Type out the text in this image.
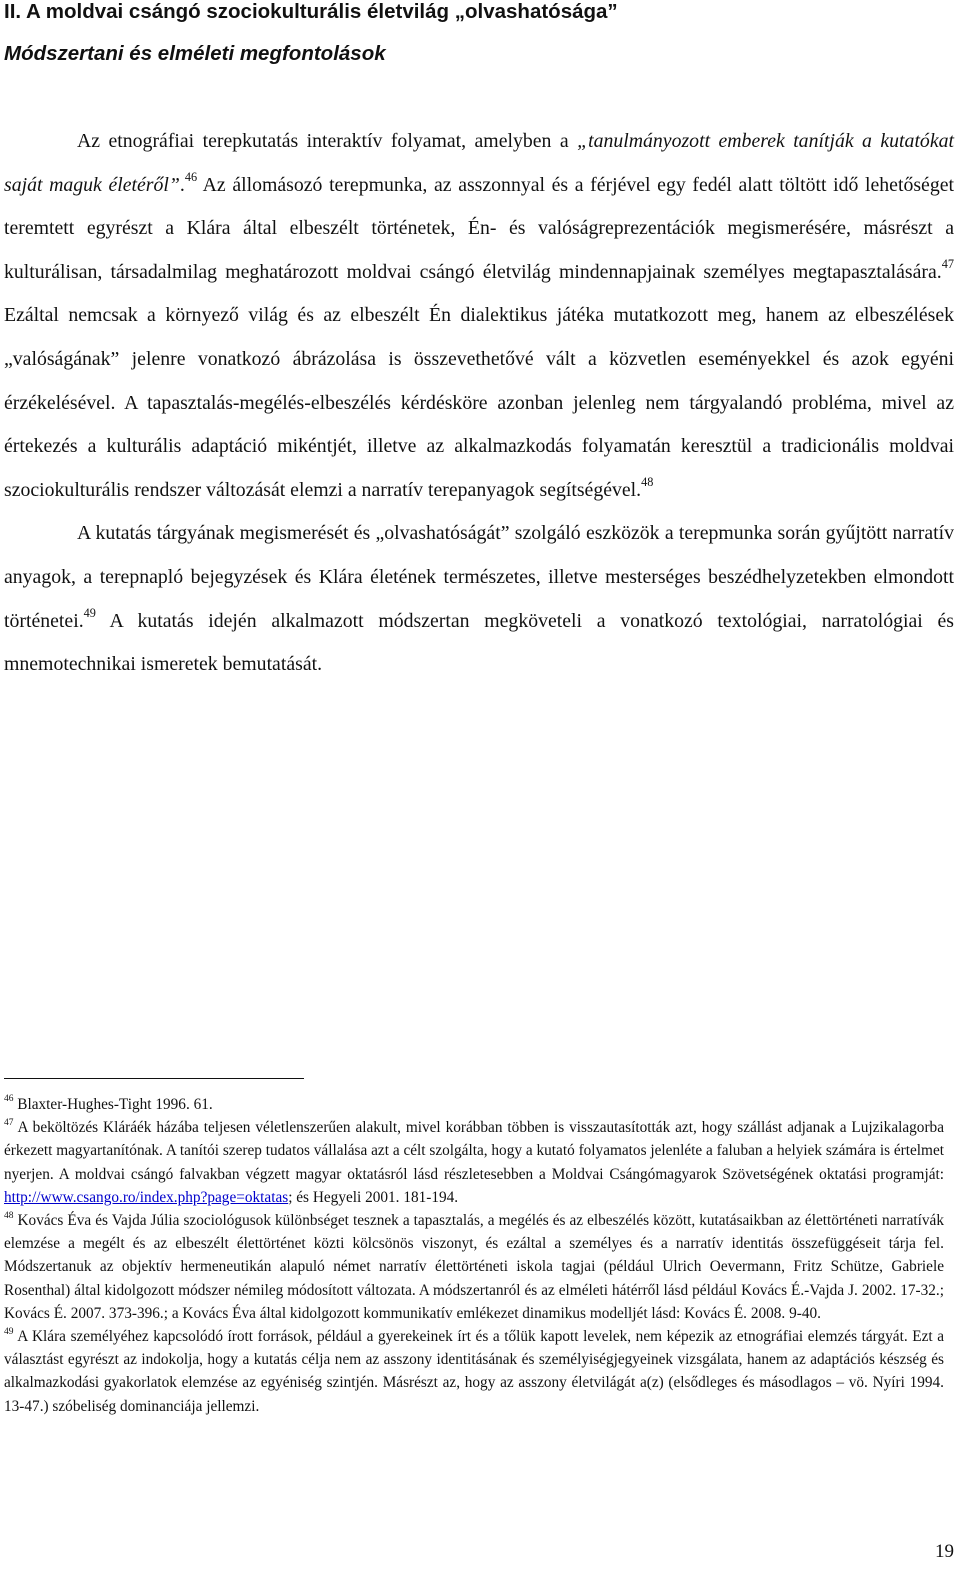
II. A moldvai csángó szociokulturális életvilág „olvashatósága”
Módszertani és elméleti megfontolások

Az etnográfiai terepkutatás interaktív folyamat, amelyben a „tanulmányozott emberek tanítják a kutatókat saját maguk életéről”.$^{46}$ Az állomásozó terepmunka, az asszonnyal és a férjével egy fedél alatt töltött idő lehetőséget teremtett egyrészt a Klára által elbeszélt történetek, Én- és valóságreprezentációk megismerésére, másrészt a kulturálisan, társadalmilag meghatározott moldvai csángó életvilág mindennapjainak személyes megtapasztalására.$^{47}$ Ezáltal nemcsak a környező világ és az elbeszélt Én dialektikus játéka mutatkozott meg, hanem az elbeszélések „valóságának” jelenre vonatkozó ábrázolása is összevethetővé vált a közvetlen eseményekkel és azok egyéni érzékelésével. A tapasztalás-megélés-elbeszélés kérdésköre azonban jelenleg nem tárgyalandó probléma, mivel az értekezés a kulturális adaptáció mikéntjét, illetve az alkalmazkodás folyamatán keresztül a tradicionális moldvai szociokulturális rendszer változását elemzi a narratív terepanyagok segítségével.$^{48}$

A kutatás tárgyának megismerését és „olvashatóságát” szolgáló eszközök a terepmunka során gyűjtött narratív anyagok, a terepnapló bejegyzések és Klára életének természetes, illetve mesterséges beszédhelyzetekben elmondott történetei.$^{49}$ A kutatás idején alkalmazott módszertan megköveteli a vonatkozó textológiai, narratológiai és mnemotechnikai ismeretek bemutatását.

$^{46}$ Blaxter-Hughes-Tight 1996. 61.

$^{47}$ A beköltözés Kláráék házába teljesen véletlenszerűen alakult, mivel korábban többen is visszautasították azt, hogy szállást adjanak a Lujzikalagorba érkezett magyartanítónak. A tanítói szerep tudatos vállalása azt a célt szolgálta, hogy a kutató folyamatos jelenléte a faluban a helyiek számára is értelmet nyerjen. A moldvai csángó falvakban végzett magyar oktatásról lásd részletesebben a Moldvai Csángómagyarok Szövetségének oktatási programját: http://www.csango.ro/index.php?page=oktatas; és Hegyeli 2001. 181-194.

$^{48}$ Kovács Éva és Vajda Júlia szociológusok különbséget tesznek a tapasztalás, a megélés és az elbeszélés között, kutatásaikban az élettörténeti narratívák elemzése a megélt és az elbeszélt élettörténet közti kölcsönös viszonyt, és ezáltal a személyes és a narratív identitás összefüggéseit tárja fel. Módszertanuk az objektív hermeneutikán alapuló német narratív élettörténeti iskola tagjai (például Ulrich Oevermann, Fritz Schütze, Gabriele Rosenthal) által kidolgozott módszer némileg módosított változata. A módszertanról és az elméleti hátérről lásd például Kovács É.-Vajda J. 2002. 17-32.; Kovács É. 2007. 373-396.; a Kovács Éva által kidolgozott kommunikatív emlékezet dinamikus modelljét lásd: Kovács É. 2008. 9-40.

$^{49}$ A Klára személyéhez kapcsolódó írott források, például a gyerekeinek írt és a tőlük kapott levelek, nem képezik az etnográfiai elemzés tárgyát. Ezt a választást egyrészt az indokolja, hogy a kutatás célja nem az asszony identitásának és személyiségjegyeinek vizsgálata, hanem az adaptációs készség és alkalmazkodási gyakorlatok elemzése az egyéniség szintjén. Másrészt az, hogy az asszony életvilágát a(z) (elsődleges és másodlagos – vö. Nyíri 1994. 13-47.) szóbeliség dominanciája jellemzi.

19
